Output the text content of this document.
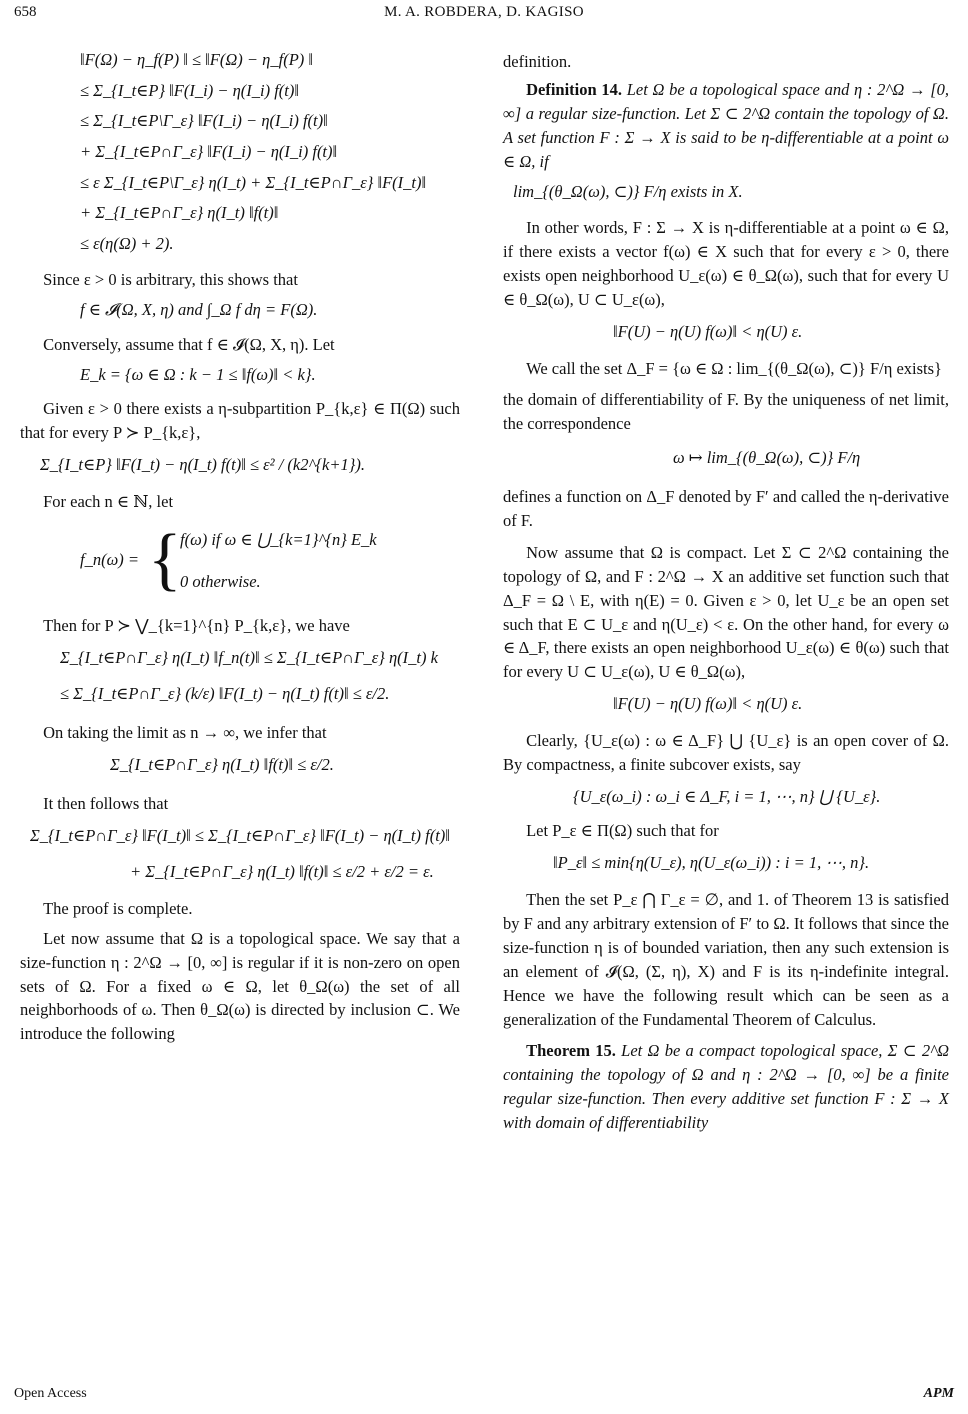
658	M. A. ROBDERA, D. KAGISO
‖F(Ω) − η_f(P) ‖ ≤ ‖F(Ω) − η_f(P) ‖
≤ Σ_{I_t∈P} ‖F(I_i) − η(I_i) f(t)‖
≤ Σ_{I_t∈P\Γ_ε} ‖F(I_i) − η(I_i) f(t)‖
+ Σ_{I_t∈P∩Γ_ε} ‖F(I_i) − η(I_i) f(t)‖
≤ ε Σ_{I_t∈P\Γ_ε} η(I_t) + Σ_{I_t∈P∩Γ_ε} ‖F(I_t)‖
+ Σ_{I_t∈P∩Γ_ε} η(I_t) ‖f(t)‖
≤ ε(η(Ω) + 2).

Since ε > 0 is arbitrary, this shows that

f ∈ 𝓘(Ω, X, η) and ∫_Ω f dη = F(Ω).

Conversely, assume that f ∈ 𝓘(Ω, X, η). Let

E_k = {ω ∈ Ω : k − 1 ≤ ‖f(ω)‖ < k}.

Given ε > 0 there exists a η-subpartition P_{k,ε} ∈ Π(Ω) such that for every P ≻ P_{k,ε},

Σ_{I_t∈P} ‖F(I_t) − η(I_t) f(t)‖ ≤ ε² / (k2^{k+1}).

For each n ∈ ℕ, let

f_n(ω) = {
f(ω) if ω ∈ ⋃_{k=1}^{n} E_k
0 otherwise.

Then for P ≻ ⋁_{k=1}^{n} P_{k,ε}, we have

Σ_{I_t∈P∩Γ_ε} η(I_t) ‖f_n(t)‖ ≤ Σ_{I_t∈P∩Γ_ε} η(I_t) k
≤ Σ_{I_t∈P∩Γ_ε} (k/ε) ‖F(I_t) − η(I_t) f(t)‖ ≤ ε/2.

On taking the limit as n → ∞, we infer that

Σ_{I_t∈P∩Γ_ε} η(I_t) ‖f(t)‖ ≤ ε/2.

It then follows that

Σ_{I_t∈P∩Γ_ε} ‖F(I_t)‖ ≤ Σ_{I_t∈P∩Γ_ε} ‖F(I_t) − η(I_t) f(t)‖
+ Σ_{I_t∈P∩Γ_ε} η(I_t) ‖f(t)‖ ≤ ε/2 + ε/2 = ε.

The proof is complete.

Let now assume that Ω is a topological space. We say that a size-function η : 2^Ω → [0, ∞] is regular if it is non-zero on open sets of Ω. For a fixed ω ∈ Ω, let θ_Ω(ω) the set of all neighborhoods of ω. Then θ_Ω(ω) is directed by inclusion ⊂. We introduce the following

definition.

Definition 14. Let Ω be a topological space and η : 2^Ω → [0, ∞] a regular size-function. Let Σ ⊂ 2^Ω contain the topology of Ω. A set function F : Σ → X is said to be η-differentiable at a point ω ∈ Ω, if

lim_{(θ_Ω(ω), ⊂)} F/η exists in X.

In other words, F : Σ → X is η-differentiable at a point ω ∈ Ω, if there exists a vector f(ω) ∈ X such that for every ε > 0, there exists open neighborhood U_ε(ω) ∈ θ_Ω(ω), such that for every U ∈ θ_Ω(ω), U ⊂ U_ε(ω),

‖F(U) − η(U) f(ω)‖ < η(U) ε.

We call the set Δ_F = {ω ∈ Ω : lim_{(θ_Ω(ω), ⊂)} F/η exists}

the domain of differentiability of F. By the uniqueness of net limit, the correspondence

ω ↦ lim_{(θ_Ω(ω), ⊂)} F/η

defines a function on Δ_F denoted by F′ and called the η-derivative of F.

Now assume that Ω is compact. Let Σ ⊂ 2^Ω containing the topology of Ω, and F : 2^Ω → X an additive set function such that Δ_F = Ω \ E, with η(E) = 0. Given ε > 0, let U_ε be an open set such that E ⊂ U_ε and η(U_ε) < ε. On the other hand, for every ω ∈ Δ_F, there exists an open neighborhood U_ε(ω) ∈ θ(ω) such that for every U ⊂ U_ε(ω), U ∈ θ_Ω(ω),

‖F(U) − η(U) f(ω)‖ < η(U) ε.

Clearly, {U_ε(ω) : ω ∈ Δ_F} ⋃ {U_ε} is an open cover of Ω. By compactness, a finite subcover exists, say

{U_ε(ω_i) : ω_i ∈ Δ_F, i = 1, ⋯, n} ⋃ {U_ε}.

Let P_ε ∈ Π(Ω) such that for

‖P_ε‖ ≤ min{η(U_ε), η(U_ε(ω_i)) : i = 1, ⋯, n}.

Then the set P_ε ⋂ Γ_ε = ∅, and 1. of Theorem 13 is satisfied by F and any arbitrary extension of F′ to Ω. It follows that since the size-function η is of bounded variation, then any such extension is an element of 𝓘(Ω, (Σ, η), X) and F is its η-indefinite integral. Hence we have the following result which can be seen as a generalization of the Fundamental Theorem of Calculus.

Theorem 15. Let Ω be a compact topological space, Σ ⊂ 2^Ω containing the topology of Ω and η : 2^Ω → [0, ∞] be a finite regular size-function. Then every additive set function F : Σ → X with domain of differentiability

Open Access	APM
